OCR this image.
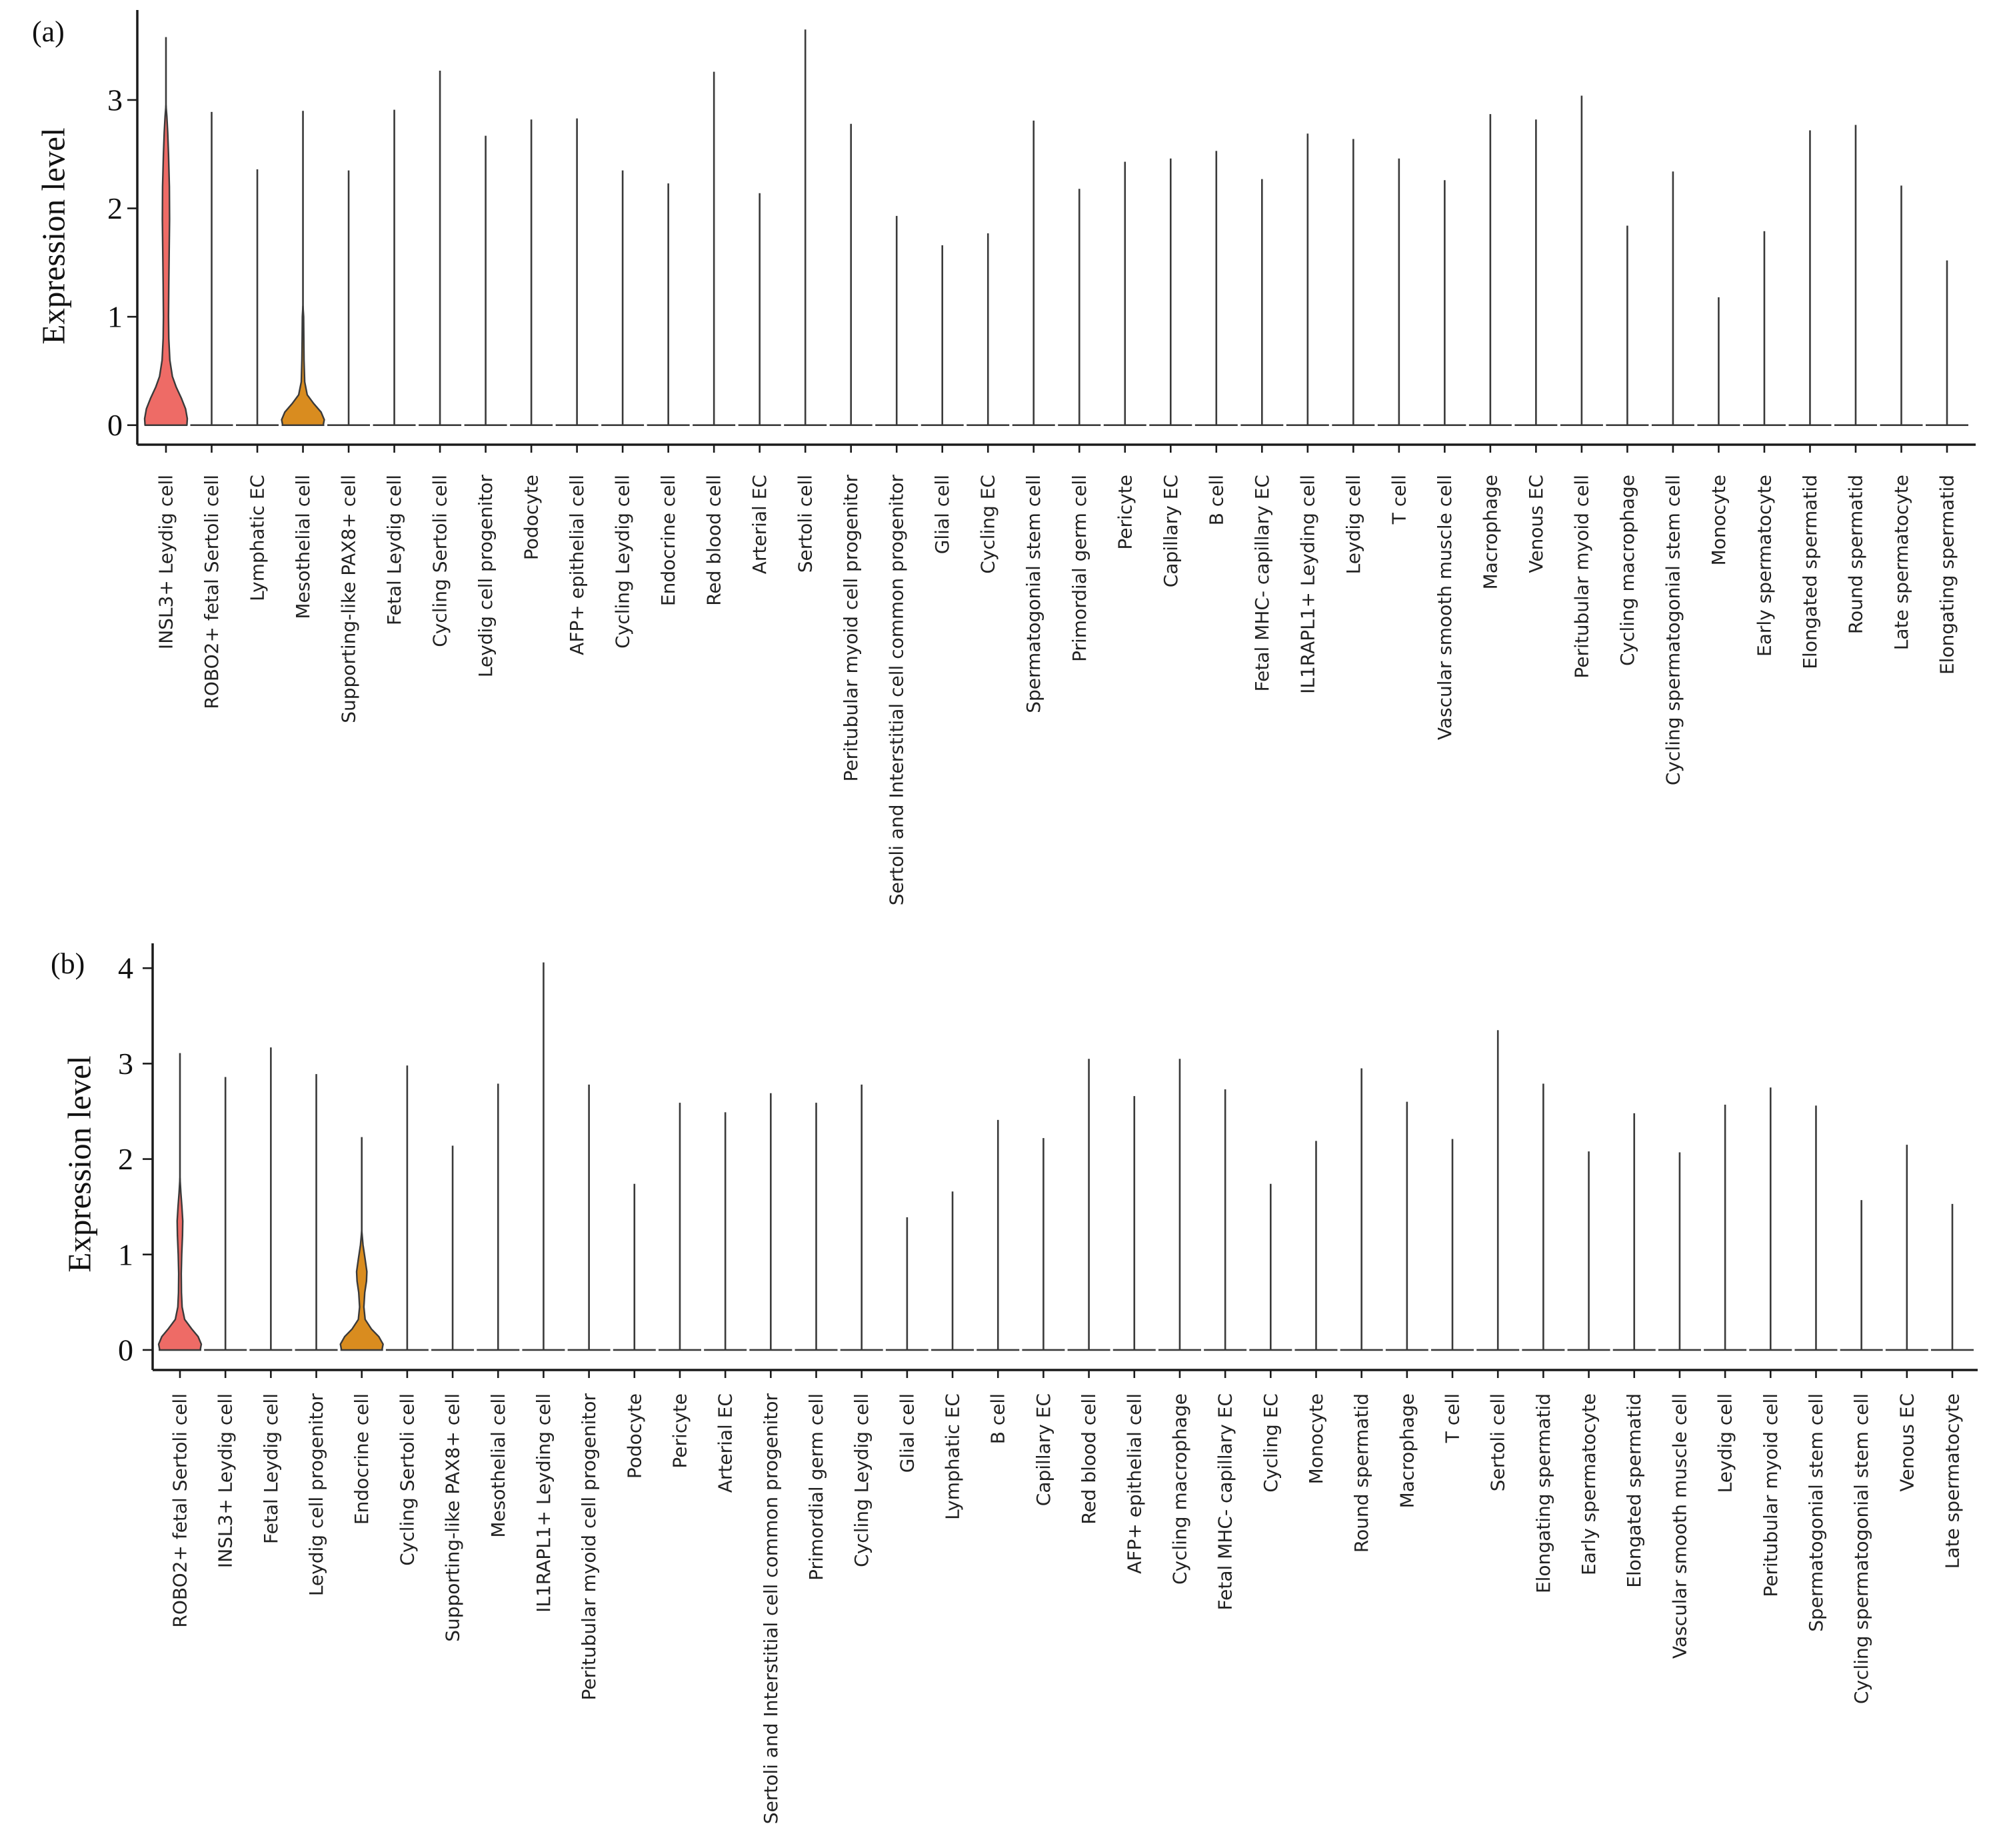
(a)
Expression level
0
1
2
3
INSL3+ Leydig cell ROBO2+ fetal Sertoli cell Lymphatic EC Mesothelial cell Supporting-like PAX8+ cell Fetal Leydig cell Cycling Sertoli cell Leydig cell progenitor Podocyte AFP+ epithelial cell Cycling Leydig cell Endocrine cell Red blood cell Arterial EC Sertoli cell Peritubular myoid cell progenitor Sertoli and Interstitial cell common progenitor Glial cell Cycling EC Spermatogonial stem cell Primordial germ cell Pericyte Capillary EC B cell Fetal MHC- capillary EC IL1RAPL1+ Leyding cell Leydig cell T cell Vascular smooth muscle cell Macrophage Venous EC Peritubular myoid cell Cycling macrophage Cycling spermatogonial stem cell Monocyte Early spermatocyte Elongated spermatid Round spermatid Late spermatocyte Elongating spermatid
(b)
Expression level
0
1
2
3
4
ROBO2+ fetal Sertoli cell INSL3+ Leydig cell Fetal Leydig cell Leydig cell progenitor Endocrine cell Cycling Sertoli cell Supporting-like PAX8+ cell Mesothelial cell IL1RAPL1+ Leyding cell Peritubular myoid cell progenitor Podocyte Pericyte Arterial EC Sertoli and Interstitial cell common progenitor Primordial germ cell Cycling Leydig cell Glial cell Lymphatic EC B cell Capillary EC Red blood cell AFP+ epithelial cell Cycling macrophage Fetal MHC- capillary EC Cycling EC Monocyte Round spermatid Macrophage T cell Sertoli cell Elongating spermatid Early spermatocyte Elongated spermatid Vascular smooth muscle cell Leydig cell Peritubular myoid cell Spermatogonial stem cell Cycling spermatogonial stem cell Venous EC Late spermatocyte
